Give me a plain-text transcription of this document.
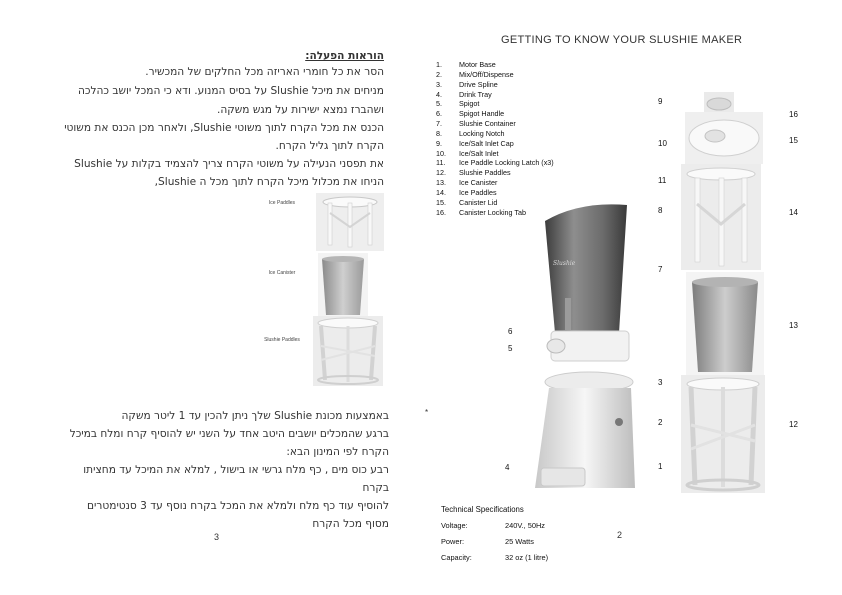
הוראות הפעלה:
הסר את כל חומרי האריזה מכל החלקים של המכשיר.
מניחים את מיכל Slushie על בסיס המנוע. ודא כי המכל יושב כהלכה
ושהברז נמצא ישירות על מגש משקה.
הכנס את מכל הקרח לתוך משוטי Slushie, ולאחר מכן הכנס את משוטי
הקרח לתוך גליל הקרח.
את תפסני הנעילה על משוטי הקרח צריך להצמיד בקלות על Slushie
הניחו את מכלול מיכל הקרח לתוך מכל ה Slushie,
Ice Paddles
Ice Canister
Slushie Paddles
באמצעות מכונת Slushie שלך ניתן להכין עד 1 ליטר משקה
ברגע שהמכלים יושבים היטב אחד על השני יש להוסיף קרח ומלח במיכל
הקרח לפי המינון הבא:
רבע כוס מים , כף מלח גרשי או בישול , למלא את המיכל עד מחציתו
בקרח
להוסיף עוד כף מלח ולמלא את המכל בקרח נוסף עד 3 סנטימטרים
מסוף מכל הקרח
3
GETTING TO KNOW YOUR SLUSHIE MAKER
1. Motor Base
2. Mix/Off/Dispense
3. Drive Spline
4. Drink Tray
5. Spigot
6. Spigot Handle
7. Slushie Container
8. Locking Notch
9. Ice/Salt Inlet Cap
10. Ice/Salt Inlet
11. Ice Paddle Locking Latch (x3)
12. Slushie Paddles
13. Ice Canister
14. Ice Paddles
15. Canister Lid
16. Canister Locking Tab
Slushie
6
5
4
9
10
11
8
7
3
2
1
16
15
14
13
12
*
Technical Specifications
Voltage:	240V., 50Hz
Power:	25 Watts
Capacity:	32 oz (1 litre)
2
